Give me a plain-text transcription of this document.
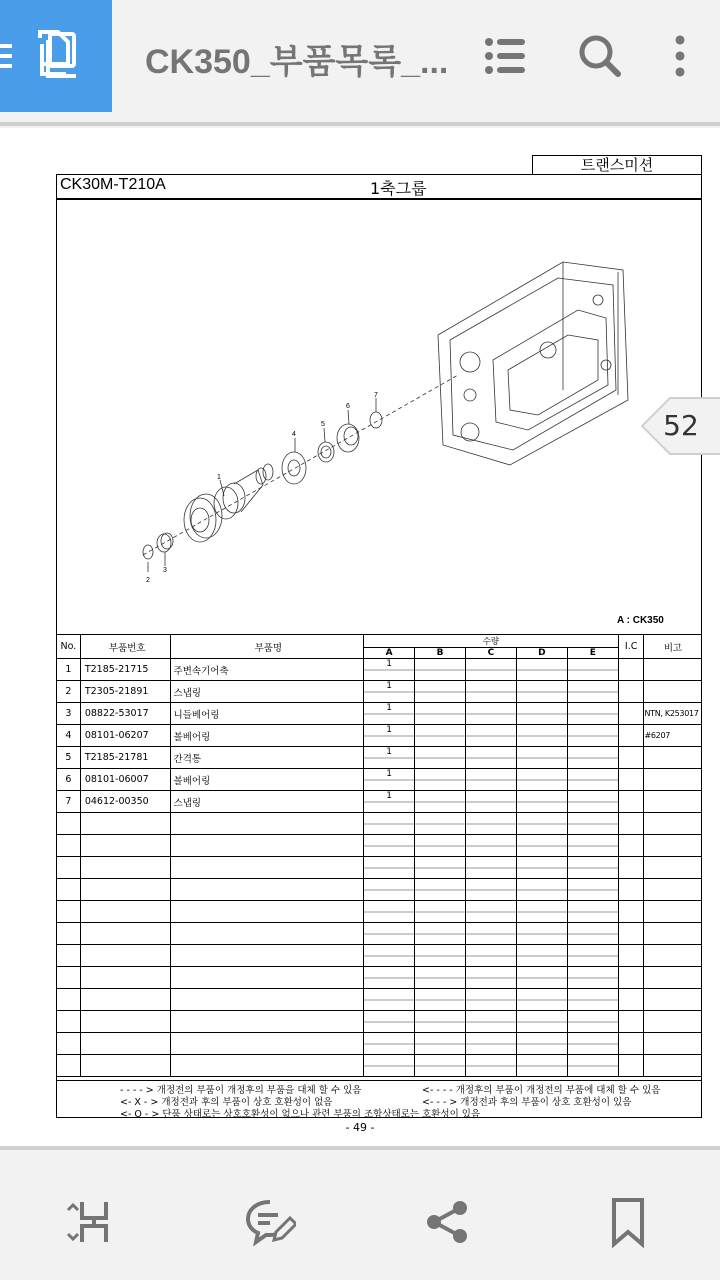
CK350_부품목록_...
트랜스미션
CK30M-T210A	1축그룹
1
2
3
4
5
6
7
A : CK350
No.	부품번호	부품명	수량					I.C	비고
			A	B	C	D	E		
1	T2185-21715	주변속기어축	1						
2	T2305-21891	스냅링	1						
3	08822-53017	니들베어링	1						NTN, K253017
4	08101-06207	볼베어링	1						#6207
5	T2185-21781	간격통	1						
6	08101-06007	볼베어링	1						
7	04612-00350	스냅링	1						

- - - - > 개정전의 부품이 개정후의 부품을 대체 할 수 있음
<- X - > 개정전과 후의 부품이 상호 호환성이 없음
<- O - > 단품 상태로는 상호호환성이 없으나 관련 부품의 조합상태로는 호환성이 있음
<- - - - 개정후의 부품이 개정전의 부품에 대체 할 수 있음
<- - - > 개정전과 후의 부품이 상호 호환성이 있음
- 49 -
52
